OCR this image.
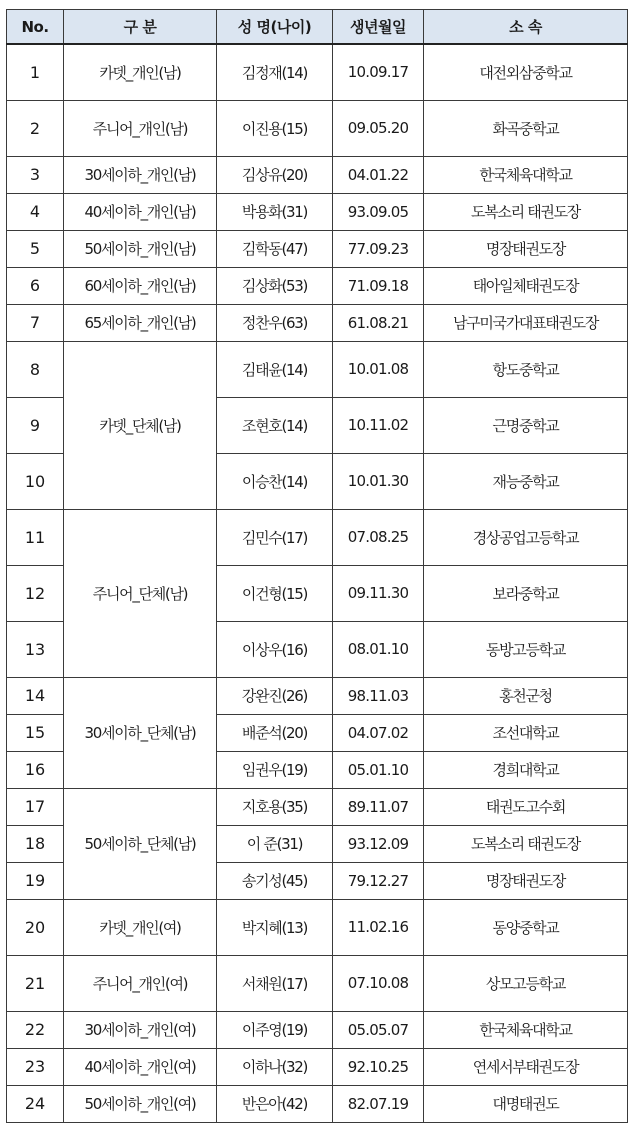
No.	구 분	성 명(나이)	생년월일	소 속
1	카뎃_개인(남)	김정재(14)	10.09.17	대전외삼중학교
2	주니어_개인(남)	이진용(15)	09.05.20	화곡중학교
3	30세이하_개인(남)	김상유(20)	04.01.22	한국체육대학교
4	40세이하_개인(남)	박용화(31)	93.09.05	도복소리 태권도장
5	50세이하_개인(남)	김학동(47)	77.09.23	명장태권도장
6	60세이하_개인(남)	김상화(53)	71.09.18	태아일체태권도장
7	65세이하_개인(남)	정찬우(63)	61.08.21	남구미국가대표태권도장
8	카뎃_단체(남)	김태윤(14)	10.01.08	항도중학교
9		조현호(14)	10.11.02	근명중학교
10		이승찬(14)	10.01.30	재능중학교
11	주니어_단체(남)	김민수(17)	07.08.25	경상공업고등학교
12		이건형(15)	09.11.30	보라중학교
13		이상우(16)	08.01.10	동방고등학교
14	30세이하_단체(남)	강완진(26)	98.11.03	홍천군청
15		배준석(20)	04.07.02	조선대학교
16		임권우(19)	05.01.10	경희대학교
17	50세이하_단체(남)	지호용(35)	89.11.07	태권도고수회
18		이 준(31)	93.12.09	도복소리 태권도장
19		송기성(45)	79.12.27	명장태권도장
20	카뎃_개인(여)	박지혜(13)	11.02.16	동양중학교
21	주니어_개인(여)	서채원(17)	07.10.08	상모고등학교
22	30세이하_개인(여)	이주영(19)	05.05.07	한국체육대학교
23	40세이하_개인(여)	이하나(32)	92.10.25	연세서부태권도장
24	50세이하_개인(여)	반은아(42)	82.07.19	대명태권도
